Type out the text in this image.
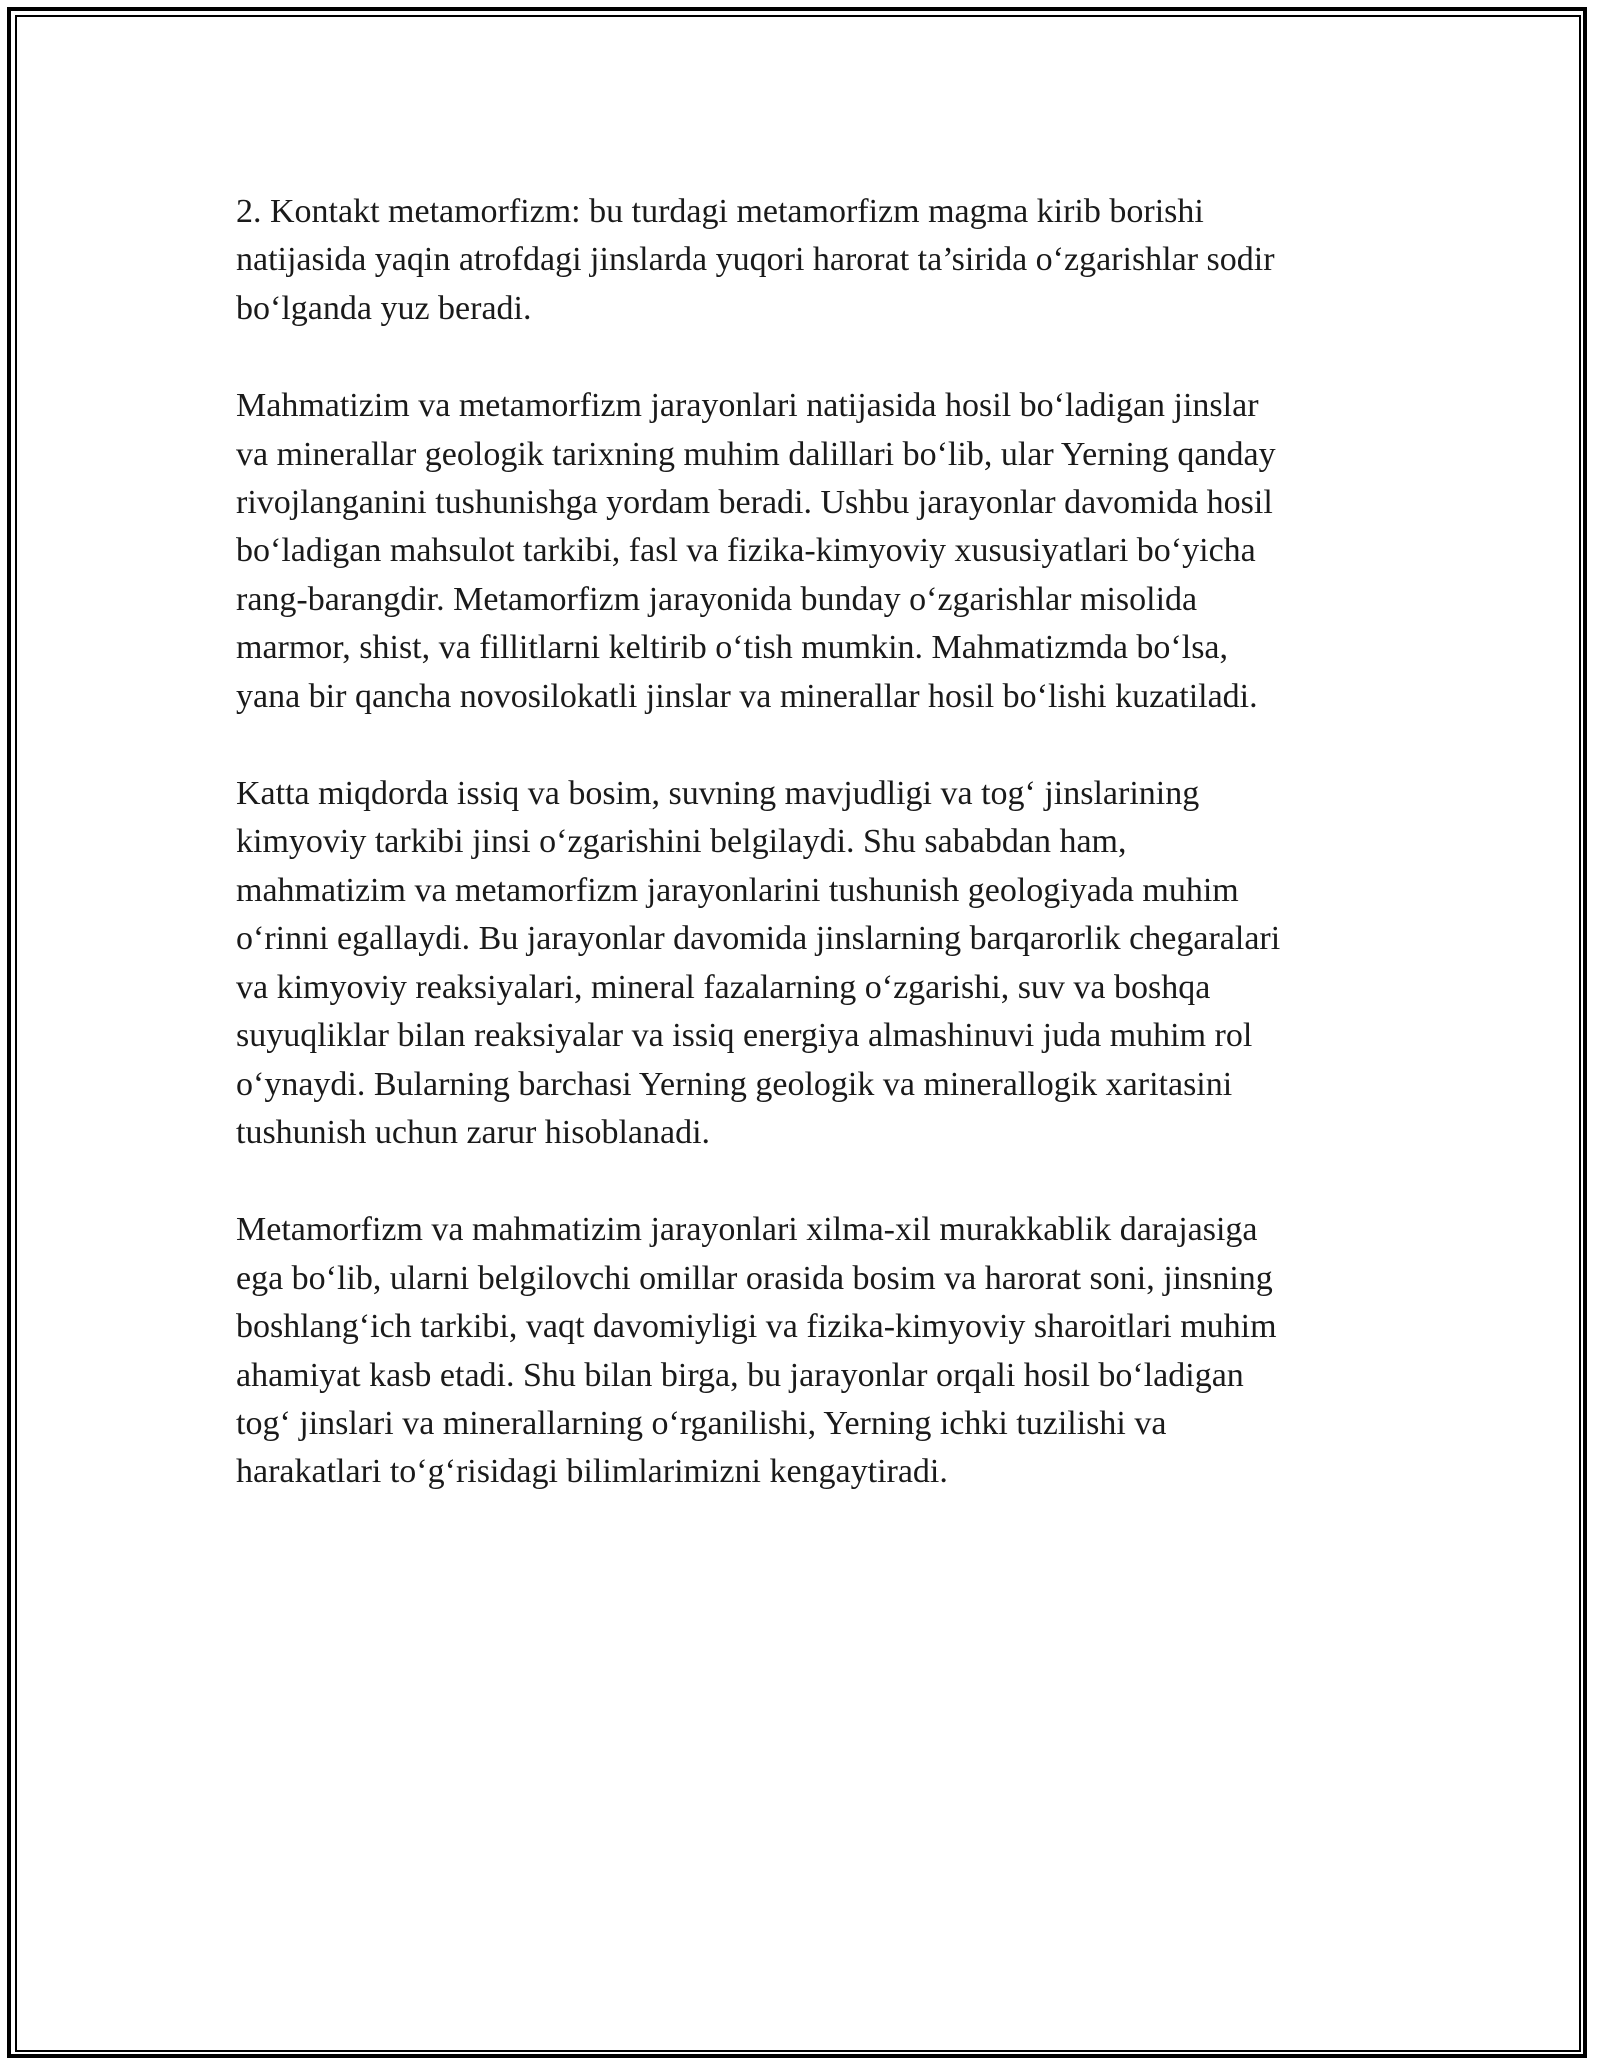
2. Kontakt metamorfizm: bu turdagi metamorfizm magma kirib borishi
natijasida yaqin atrofdagi jinslarda yuqori harorat ta’sirida o‘zgarishlar sodir
bo‘lganda yuz beradi.

Mahmatizim va metamorfizm jarayonlari natijasida hosil bo‘ladigan jinslar
va minerallar geologik tarixning muhim dalillari bo‘lib, ular Yerning qanday
rivojlanganini tushunishga yordam beradi. Ushbu jarayonlar davomida hosil
bo‘ladigan mahsulot tarkibi, fasl va fizika-kimyoviy xususiyatlari bo‘yicha
rang-barangdir. Metamorfizm jarayonida bunday o‘zgarishlar misolida
marmor, shist, va fillitlarni keltirib o‘tish mumkin. Mahmatizmda bo‘lsa,
yana bir qancha novosilokatli jinslar va minerallar hosil bo‘lishi kuzatiladi.

Katta miqdorda issiq va bosim, suvning mavjudligi va tog‘ jinslarining
kimyoviy tarkibi jinsi o‘zgarishini belgilaydi. Shu sababdan ham,
mahmatizim va metamorfizm jarayonlarini tushunish geologiyada muhim
o‘rinni egallaydi. Bu jarayonlar davomida jinslarning barqarorlik chegaralari
va kimyoviy reaksiyalari, mineral fazalarning o‘zgarishi, suv va boshqa
suyuqliklar bilan reaksiyalar va issiq energiya almashinuvi juda muhim rol
o‘ynaydi. Bularning barchasi Yerning geologik va minerallogik xaritasini
tushunish uchun zarur hisoblanadi.

Metamorfizm va mahmatizim jarayonlari xilma-xil murakkablik darajasiga
ega bo‘lib, ularni belgilovchi omillar orasida bosim va harorat soni, jinsning
boshlang‘ich tarkibi, vaqt davomiyligi va fizika-kimyoviy sharoitlari muhim
ahamiyat kasb etadi. Shu bilan birga, bu jarayonlar orqali hosil bo‘ladigan
tog‘ jinslari va minerallarning o‘rganilishi, Yerning ichki tuzilishi va
harakatlari to‘g‘risidagi bilimlarimizni kengaytiradi.
